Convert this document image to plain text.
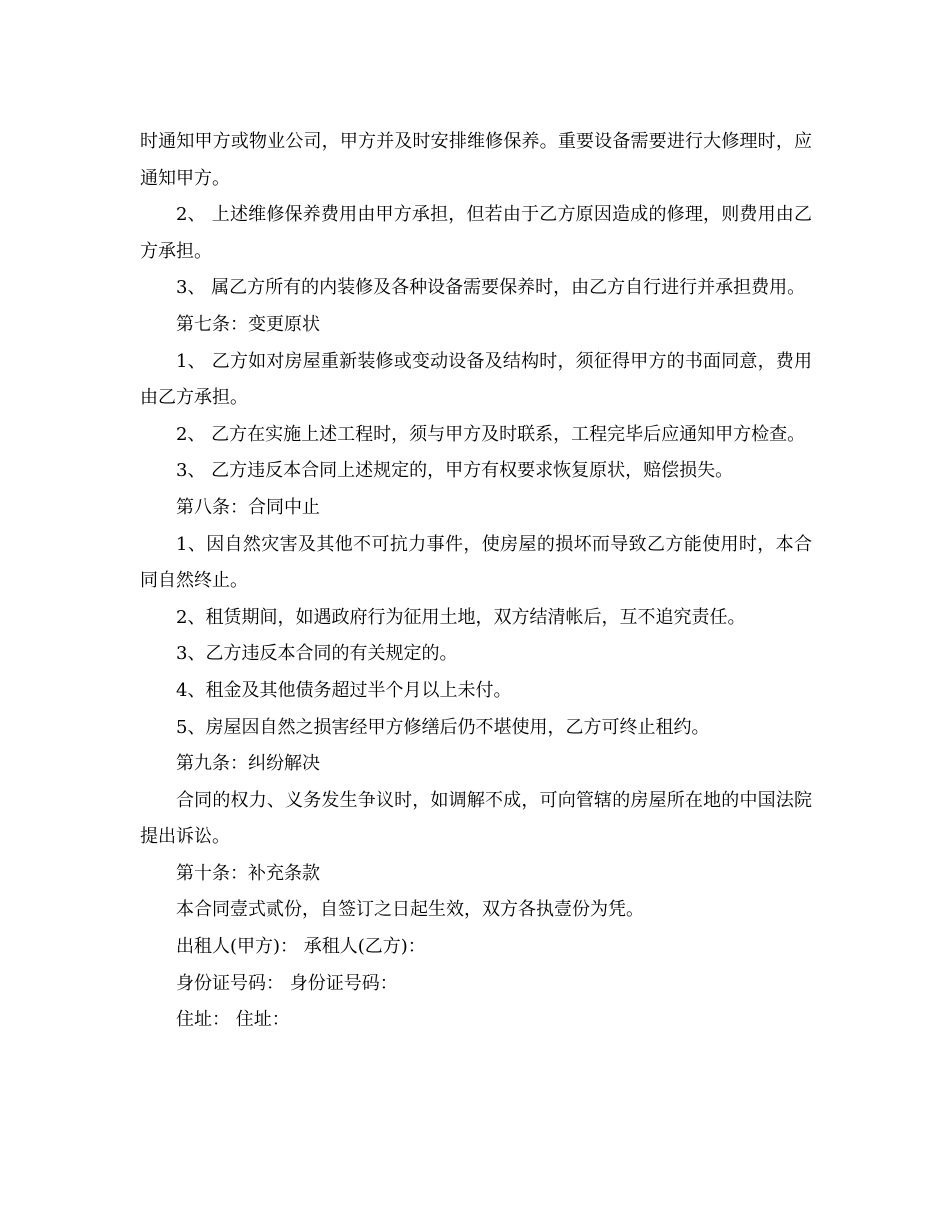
时通知甲方或物业公司，甲方并及时安排维修保养。重要设备需要进行大修理时，应通知甲方。

2、 上述维修保养费用由甲方承担，但若由于乙方原因造成的修理，则费用由乙方承担。

3、 属乙方所有的内装修及各种设备需要保养时，由乙方自行进行并承担费用。

第七条：变更原状

1、 乙方如对房屋重新装修或变动设备及结构时，须征得甲方的书面同意，费用由乙方承担。

2、 乙方在实施上述工程时，须与甲方及时联系，工程完毕后应通知甲方检查。

3、 乙方违反本合同上述规定的，甲方有权要求恢复原状，赔偿损失。

第八条：合同中止

1、因自然灾害及其他不可抗力事件，使房屋的损坏而导致乙方能使用时，本合同自然终止。

2、租赁期间，如遇政府行为征用土地，双方结清帐后，互不追究责任。

3、乙方违反本合同的有关规定的。

4、租金及其他债务超过半个月以上未付。

5、房屋因自然之损害经甲方修缮后仍不堪使用，乙方可终止租约。

第九条：纠纷解决

合同的权力、义务发生争议时，如调解不成，可向管辖的房屋所在地的中国法院提出诉讼。

第十条：补充条款

本合同壹式贰份，自签订之日起生效，双方各执壹份为凭。

出租人(甲方)： 承租人(乙方)：

身份证号码： 身份证号码：

住址： 住址：
